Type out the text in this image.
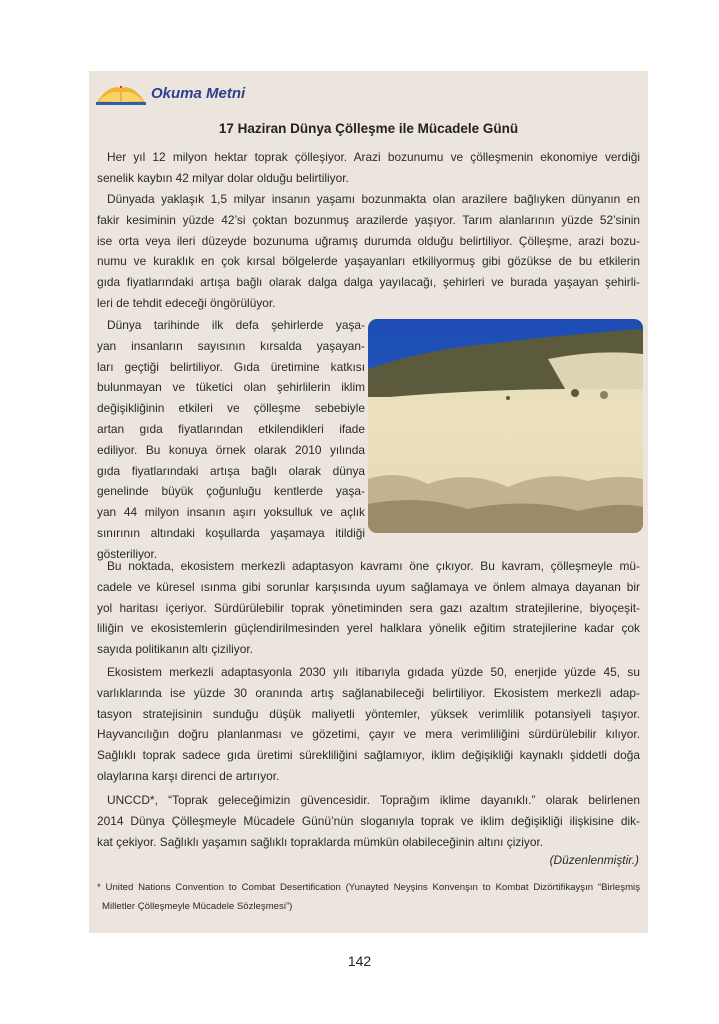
Okuma Metni
17 Haziran Dünya Çölleşme ile Mücadele Günü
Her yıl 12 milyon hektar toprak çölleşiyor. Arazi bozunumu ve çölleşmenin ekonomiye verdiği
senelik kaybın 42 milyar dolar olduğu belirtiliyor.
Dünyada yaklaşık 1,5 milyar insanın yaşamı bozunmakta olan arazilere bağlıyken dünyanın en
fakir kesiminin yüzde 42’si çoktan bozunmuş arazilerde yaşıyor. Tarım alanlarının yüzde 52’sinin
ise orta veya ileri düzeyde bozunuma uğramış durumda olduğu belirtiliyor. Çölleşme, arazi bozu-
numu ve kuraklık en çok kırsal bölgelerde yaşayanları etkiliyormuş gibi gözükse de bu etkilerin
gıda fiyatlarındaki artışa bağlı olarak dalga dalga yayılacağı, şehirleri ve burada yaşayan şehirli-
leri de tehdit edeceği öngörülüyor.
Dünya tarihinde ilk defa şehirlerde yaşa-
yan insanların sayısının kırsalda yaşayan-
ları geçtiği belirtiliyor. Gıda üretimine katkısı
bulunmayan ve tüketici olan şehirlilerin iklim
değişikliğinin etkileri ve çölleşme sebebiyle
artan gıda fiyatlarından etkilendikleri ifade
ediliyor. Bu konuya örnek olarak 2010 yılında
gıda fiyatlarındaki artışa bağlı olarak dünya
genelinde büyük çoğunluğu kentlerde yaşa-
yan 44 milyon insanın aşırı yoksulluk ve açlık
sınırının altındaki koşullarda yaşamaya itildiği
gösteriliyor.
Bu noktada, ekosistem merkezli adaptasyon kavramı öne çıkıyor. Bu kavram, çölleşmeyle mü-
cadele ve küresel ısınma gibi sorunlar karşısında uyum sağlamaya ve önlem almaya dayanan bir
yol haritası içeriyor. Sürdürülebilir toprak yönetiminden sera gazı azaltım stratejilerine, biyoçeşit-
liliğin ve ekosistemlerin güçlendirilmesinden yerel halklara yönelik eğitim stratejilerine kadar çok
sayıda politikanın altı çiziliyor.
Ekosistem merkezli adaptasyonla 2030 yılı itibarıyla gıdada yüzde 50, enerjide yüzde 45, su
varlıklarında ise yüzde 30 oranında artış sağlanabileceği belirtiliyor. Ekosistem merkezli adap-
tasyon stratejisinin sunduğu düşük maliyetli yöntemler, yüksek verimlilik potansiyeli taşıyor.
Hayvancılığın doğru planlanması ve gözetimi, çayır ve mera verimliliğini sürdürülebilir kılıyor.
Sağlıklı toprak sadece gıda üretimi sürekliliğini sağlamıyor, iklim değişikliği kaynaklı şiddetli doğa
olaylarına karşı direnci de artırıyor.
UNCCD*, “Toprak geleceğimizin güvencesidir. Toprağım iklime dayanıklı.” olarak belirlenen
2014 Dünya Çölleşmeyle Mücadele Günü’nün sloganıyla toprak ve iklim değişikliği ilişkisine dik-
kat çekiyor. Sağlıklı yaşamın sağlıklı topraklarda mümkün olabileceğinin altını çiziyor.
(Düzenlenmiştir.)
* United Nations Convention to Combat Desertification (Yunayted Neyşins Konvenşın to Kombat Dizörtifikayşın “Birleşmiş
Milletler Çölleşmeyle Mücadele Sözleşmesi”)
142
